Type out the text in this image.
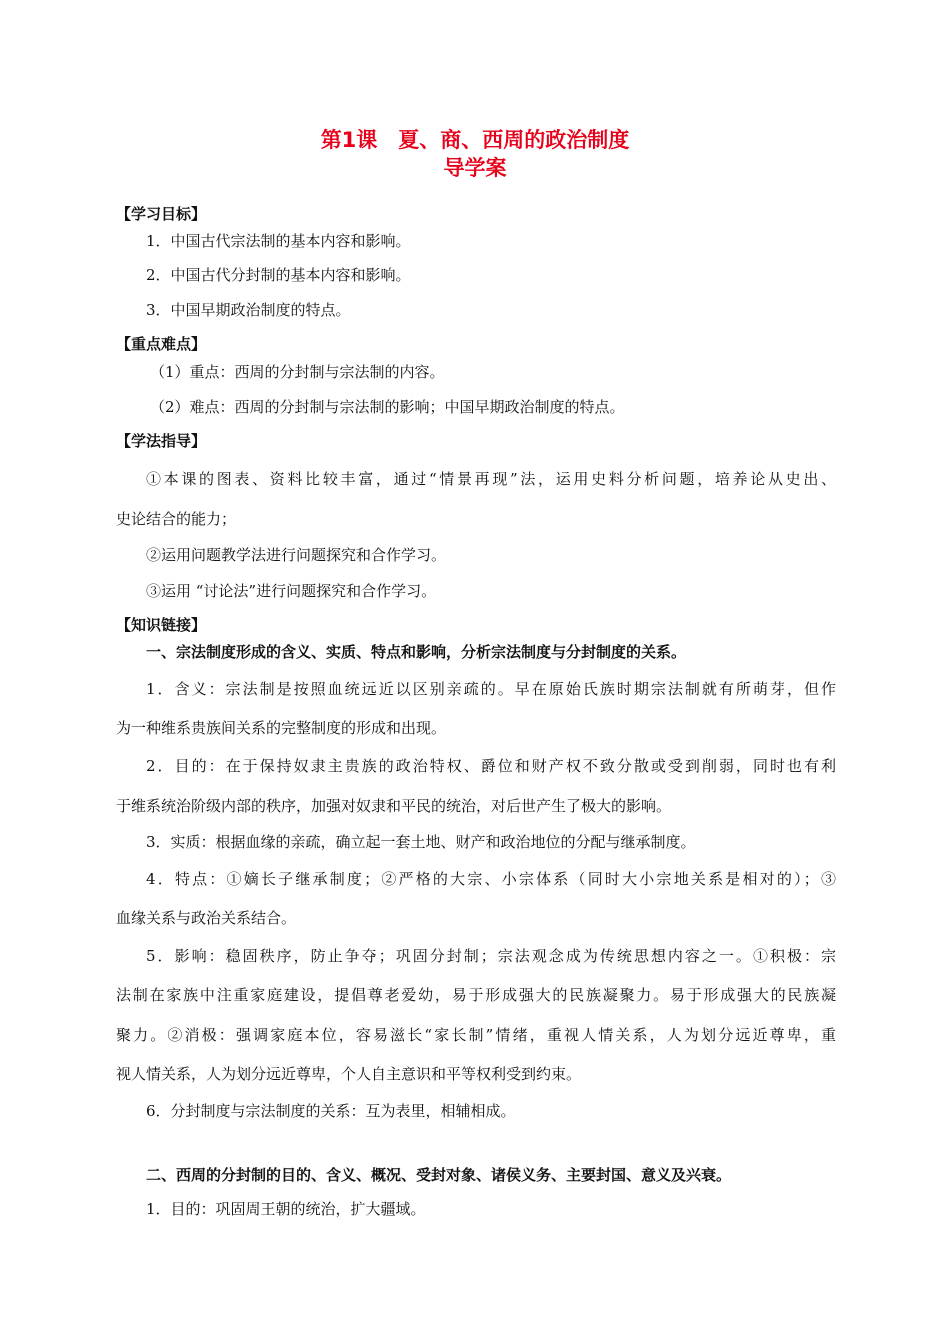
第1课　夏、商、西周的政治制度
导学案
【学习目标】
1．中国古代宗法制的基本内容和影响。
2．中国古代分封制的基本内容和影响。
3．中国早期政治制度的特点。
【重点难点】
（1）重点：西周的分封制与宗法制的内容。
（2）难点：西周的分封制与宗法制的影响；中国早期政治制度的特点。
【学法指导】
①本课的图表、资料比较丰富，通过“情景再现”法，运用史料分析问题，培养论从史出、
史论结合的能力；
②运用问题教学法进行问题探究和合作学习。
③运用 “讨论法”进行问题探究和合作学习。
【知识链接】
一、宗法制度形成的含义、实质、特点和影响，分析宗法制度与分封制度的关系。
1．含义：宗法制是按照血统远近以区别亲疏的。早在原始氏族时期宗法制就有所萌芽，但作
为一种维系贵族间关系的完整制度的形成和出现。
2．目的：在于保持奴隶主贵族的政治特权、爵位和财产权不致分散或受到削弱，同时也有利
于维系统治阶级内部的秩序，加强对奴隶和平民的统治，对后世产生了极大的影响。
3．实质：根据血缘的亲疏，确立起一套土地、财产和政治地位的分配与继承制度。
4．特点：①嫡长子继承制度；②严格的大宗、小宗体系（同时大小宗地关系是相对的）；③
血缘关系与政治关系结合。
5．影响：稳固秩序，防止争夺；巩固分封制；宗法观念成为传统思想内容之一。①积极：宗
法制在家族中注重家庭建设，提倡尊老爱幼，易于形成强大的民族凝聚力。易于形成强大的民族凝
聚力。②消极：强调家庭本位，容易滋长“家长制”情绪，重视人情关系，人为划分远近尊卑，重
视人情关系，人为划分远近尊卑，个人自主意识和平等权利受到约束。
6．分封制度与宗法制度的关系：互为表里，相辅相成。
二、西周的分封制的目的、含义、概况、受封对象、诸侯义务、主要封国、意义及兴衰。
1．目的：巩固周王朝的统治，扩大疆域。
